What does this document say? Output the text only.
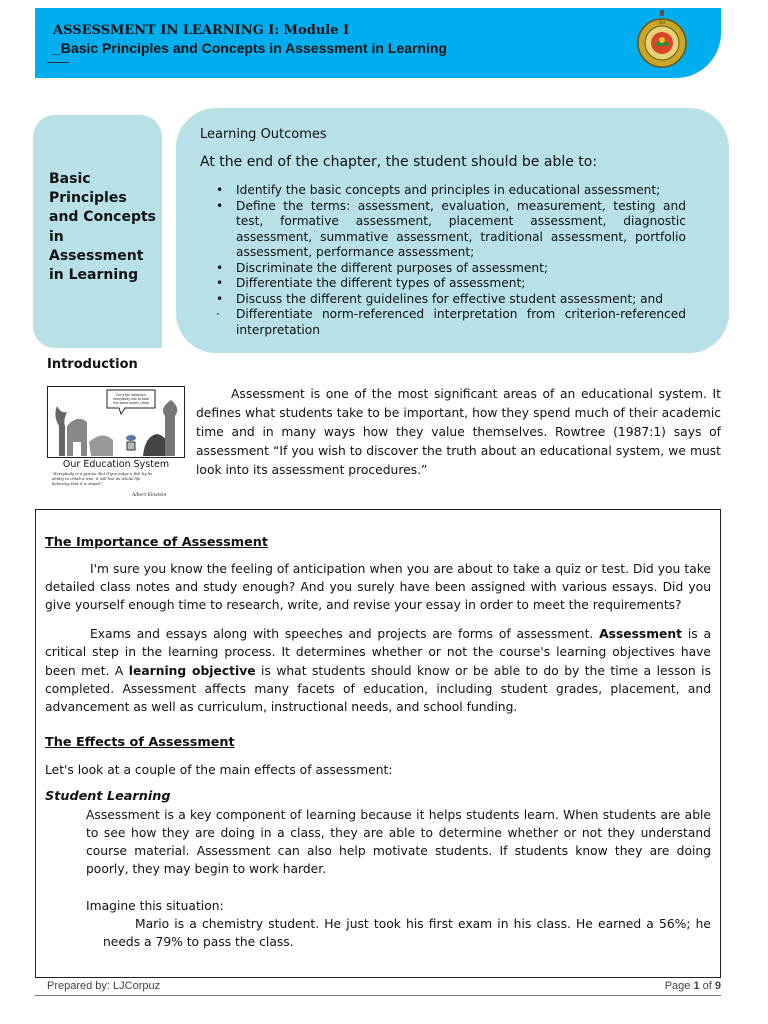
ASSESSMENT IN LEARNING I: Module I
_Basic Principles and Concepts in Assessment in Learning
ISU
Basic Principles and Concepts in Assessment in Learning
Learning Outcomes
At the end of the chapter, the student should be able to:
• Identify the basic concepts and principles in educational assessment;
• Define the terms: assessment, evaluation, measurement, testing and test, formative assessment, placement assessment, diagnostic assessment, summative assessment, traditional assessment, portfolio assessment, performance assessment;
• Discriminate the different purposes of assessment;
• Differentiate the different types of assessment;
• Discuss the different guidelines for effective student assessment; and
· Differentiate norm-referenced interpretation from criterion-referenced interpretation
Introduction
For a fair selection
everybody has to take
the same exam: climb
Our Education System
"Everybody is a genius. But if you judge a fish by its
ability to climb a tree, it will live its whole life
believing that it is stupid."
- Albert Einstein

Assessment is one of the most significant areas of an educational system. It defines what students take to be important, how they spend much of their academic time and in many ways how they value themselves. Rowtree (1987:1) says of assessment “If you wish to discover the truth about an educational system, we must look into its assessment procedures.”

The Importance of Assessment

I'm sure you know the feeling of anticipation when you are about to take a quiz or test. Did you take detailed class notes and study enough? And you surely have been assigned with various essays. Did you give yourself enough time to research, write, and revise your essay in order to meet the requirements?

Exams and essays along with speeches and projects are forms of assessment. Assessment is a critical step in the learning process. It determines whether or not the course's learning objectives have been met. A learning objective is what students should know or be able to do by the time a lesson is completed. Assessment affects many facets of education, including student grades, placement, and advancement as well as curriculum, instructional needs, and school funding.

The Effects of Assessment

Let's look at a couple of the main effects of assessment:

Student Learning

Assessment is a key component of learning because it helps students learn. When students are able to see how they are doing in a class, they are able to determine whether or not they understand course material. Assessment can also help motivate students. If students know they are doing poorly, they may begin to work harder.

Imagine this situation:

Mario is a chemistry student. He just took his first exam in his class. He earned a 56%; he needs a 79% to pass the class.

Prepared by: LJCorpuz	Page 1 of 9
